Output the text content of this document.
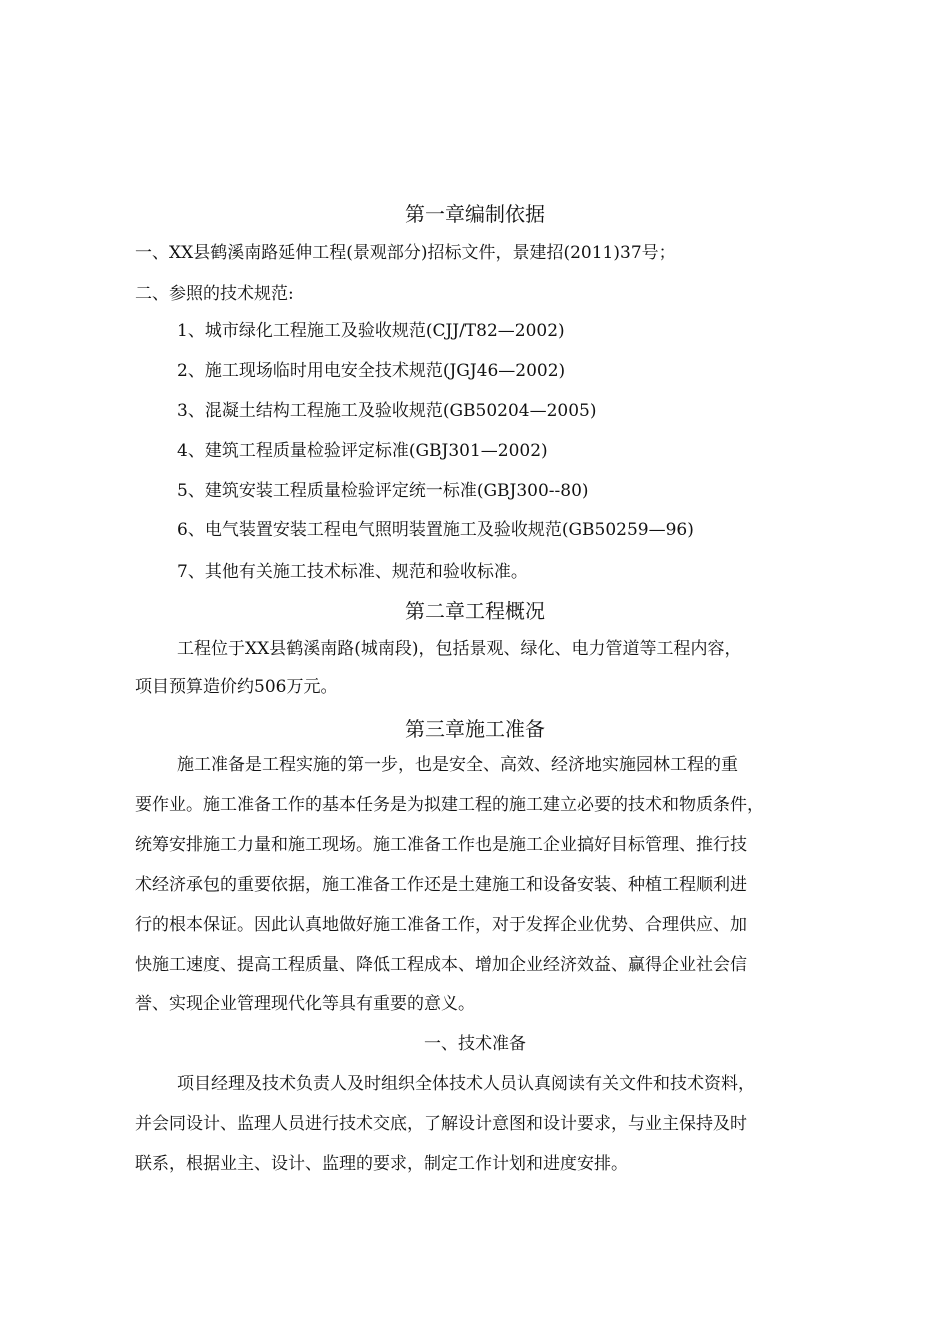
第一章编制依据
一、XX县鹤溪南路延伸工程(景观部分)招标文件，景建招(2011)37号；
二、参照的技术规范:
1、城市绿化工程施工及验收规范(CJJ/T82—2002)
2、施工现场临时用电安全技术规范(JGJ46—2002)
3、混凝土结构工程施工及验收规范(GB50204—2005)
4、建筑工程质量检验评定标准(GBJ301—2002)
5、建筑安装工程质量检验评定统一标准(GBJ300--80)
6、电气装置安装工程电气照明装置施工及验收规范(GB50259—96)
7、其他有关施工技术标准、规范和验收标准。
第二章工程概况
工程位于XX县鹤溪南路(城南段)，包括景观、绿化、电力管道等工程内容，
项目预算造价约506万元。
第三章施工准备
施工准备是工程实施的第一步，也是安全、高效、经济地实施园林工程的重
要作业。施工准备工作的基本任务是为拟建工程的施工建立必要的技术和物质条件，
统筹安排施工力量和施工现场。施工准备工作也是施工企业搞好目标管理、推行技
术经济承包的重要依据，施工准备工作还是土建施工和设备安装、种植工程顺利进
行的根本保证。因此认真地做好施工准备工作，对于发挥企业优势、合理供应、加
快施工速度、提高工程质量、降低工程成本、增加企业经济效益、赢得企业社会信
誉、实现企业管理现代化等具有重要的意义。
一、技术准备
项目经理及技术负责人及时组织全体技术人员认真阅读有关文件和技术资料，
并会同设计、监理人员进行技术交底，了解设计意图和设计要求，与业主保持及时
联系，根据业主、设计、监理的要求，制定工作计划和进度安排。
